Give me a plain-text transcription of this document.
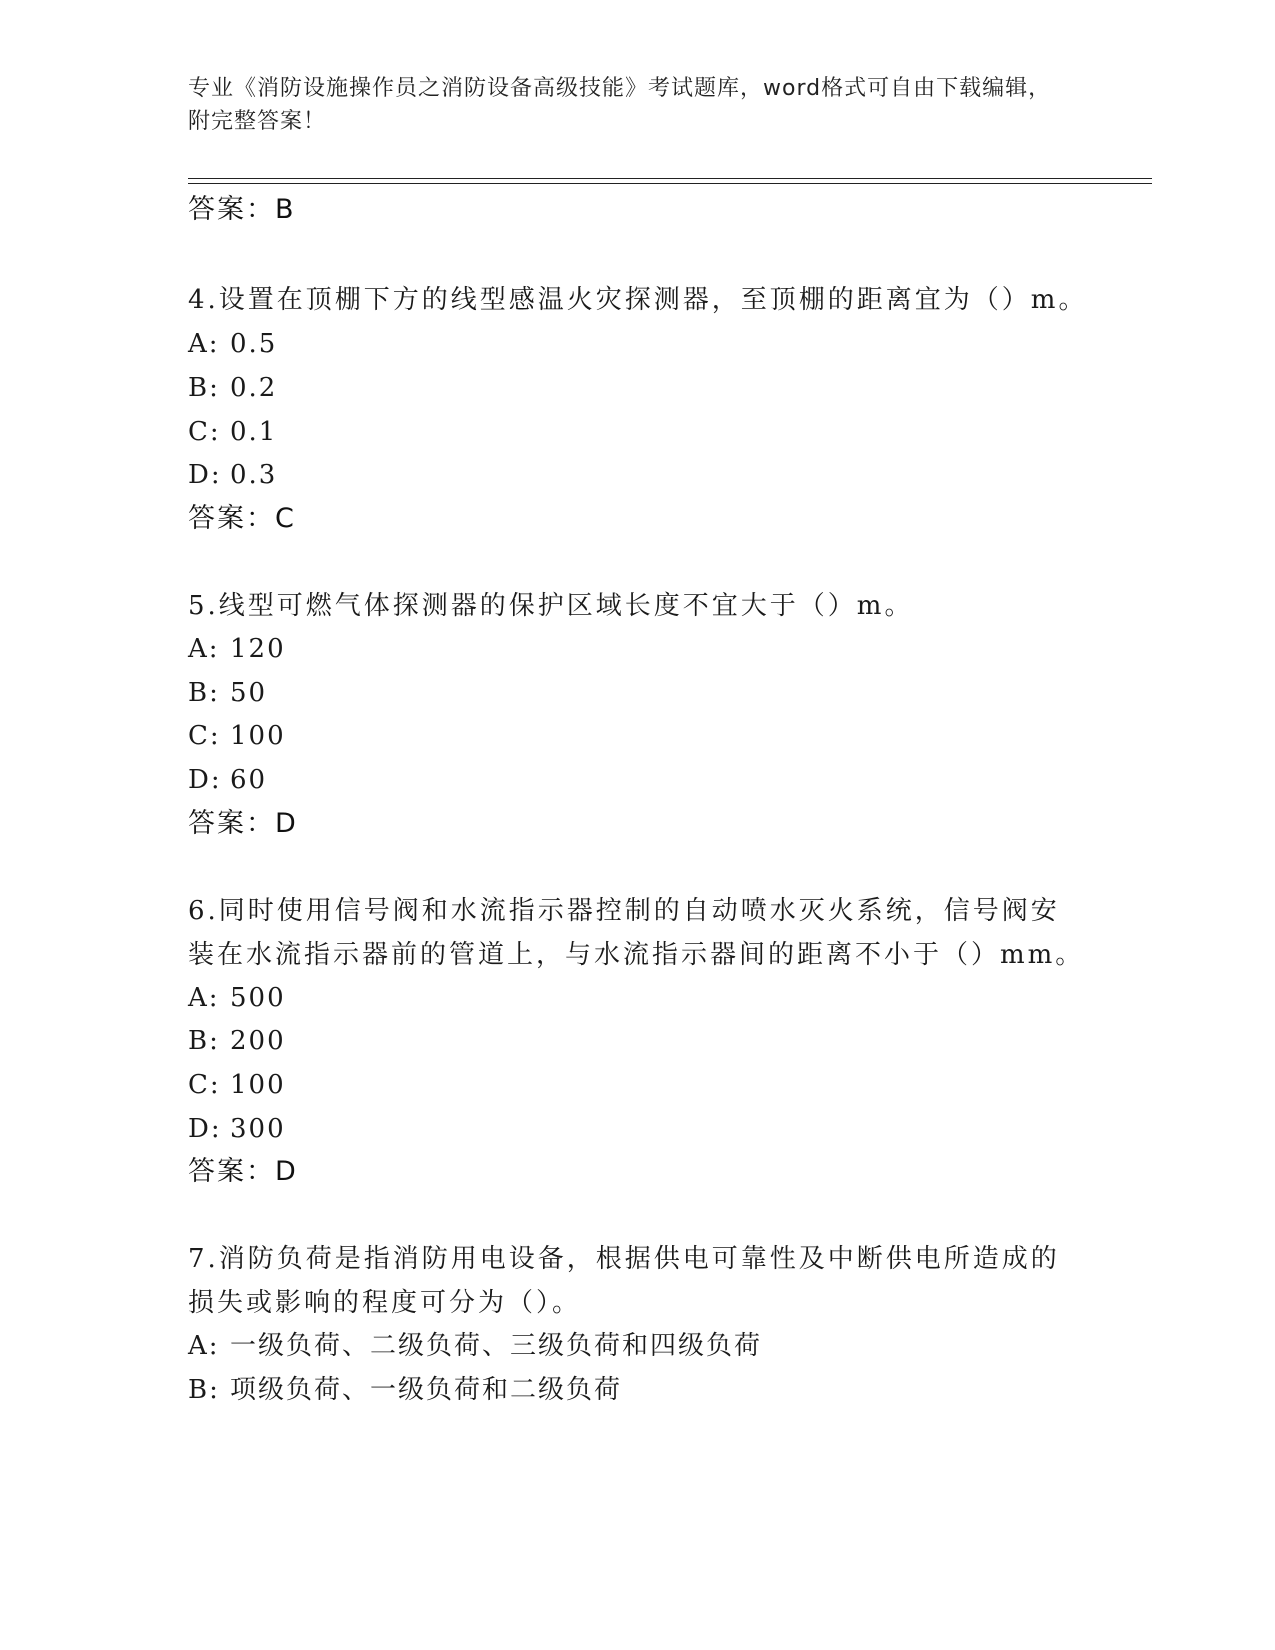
专业《消防设施操作员之消防设备高级技能》考试题库，word格式可自由下载编辑，附完整答案！
答案：B
4.设置在顶棚下方的线型感温火灾探测器，至顶棚的距离宜为（）m。
A: 0.5
B: 0.2
C: 0.1
D: 0.3
答案：C
5.线型可燃气体探测器的保护区域长度不宜大于（）m。
A: 120
B: 50
C: 100
D: 60
答案：D
6.同时使用信号阀和水流指示器控制的自动喷水灭火系统，信号阀安
装在水流指示器前的管道上，与水流指示器间的距离不小于（）mm。
A: 500
B: 200
C: 100
D: 300
答案：D
7.消防负荷是指消防用电设备，根据供电可靠性及中断供电所造成的
损失或影响的程度可分为（）。
A: 一级负荷、二级负荷、三级负荷和四级负荷
B: 项级负荷、一级负荷和二级负荷
